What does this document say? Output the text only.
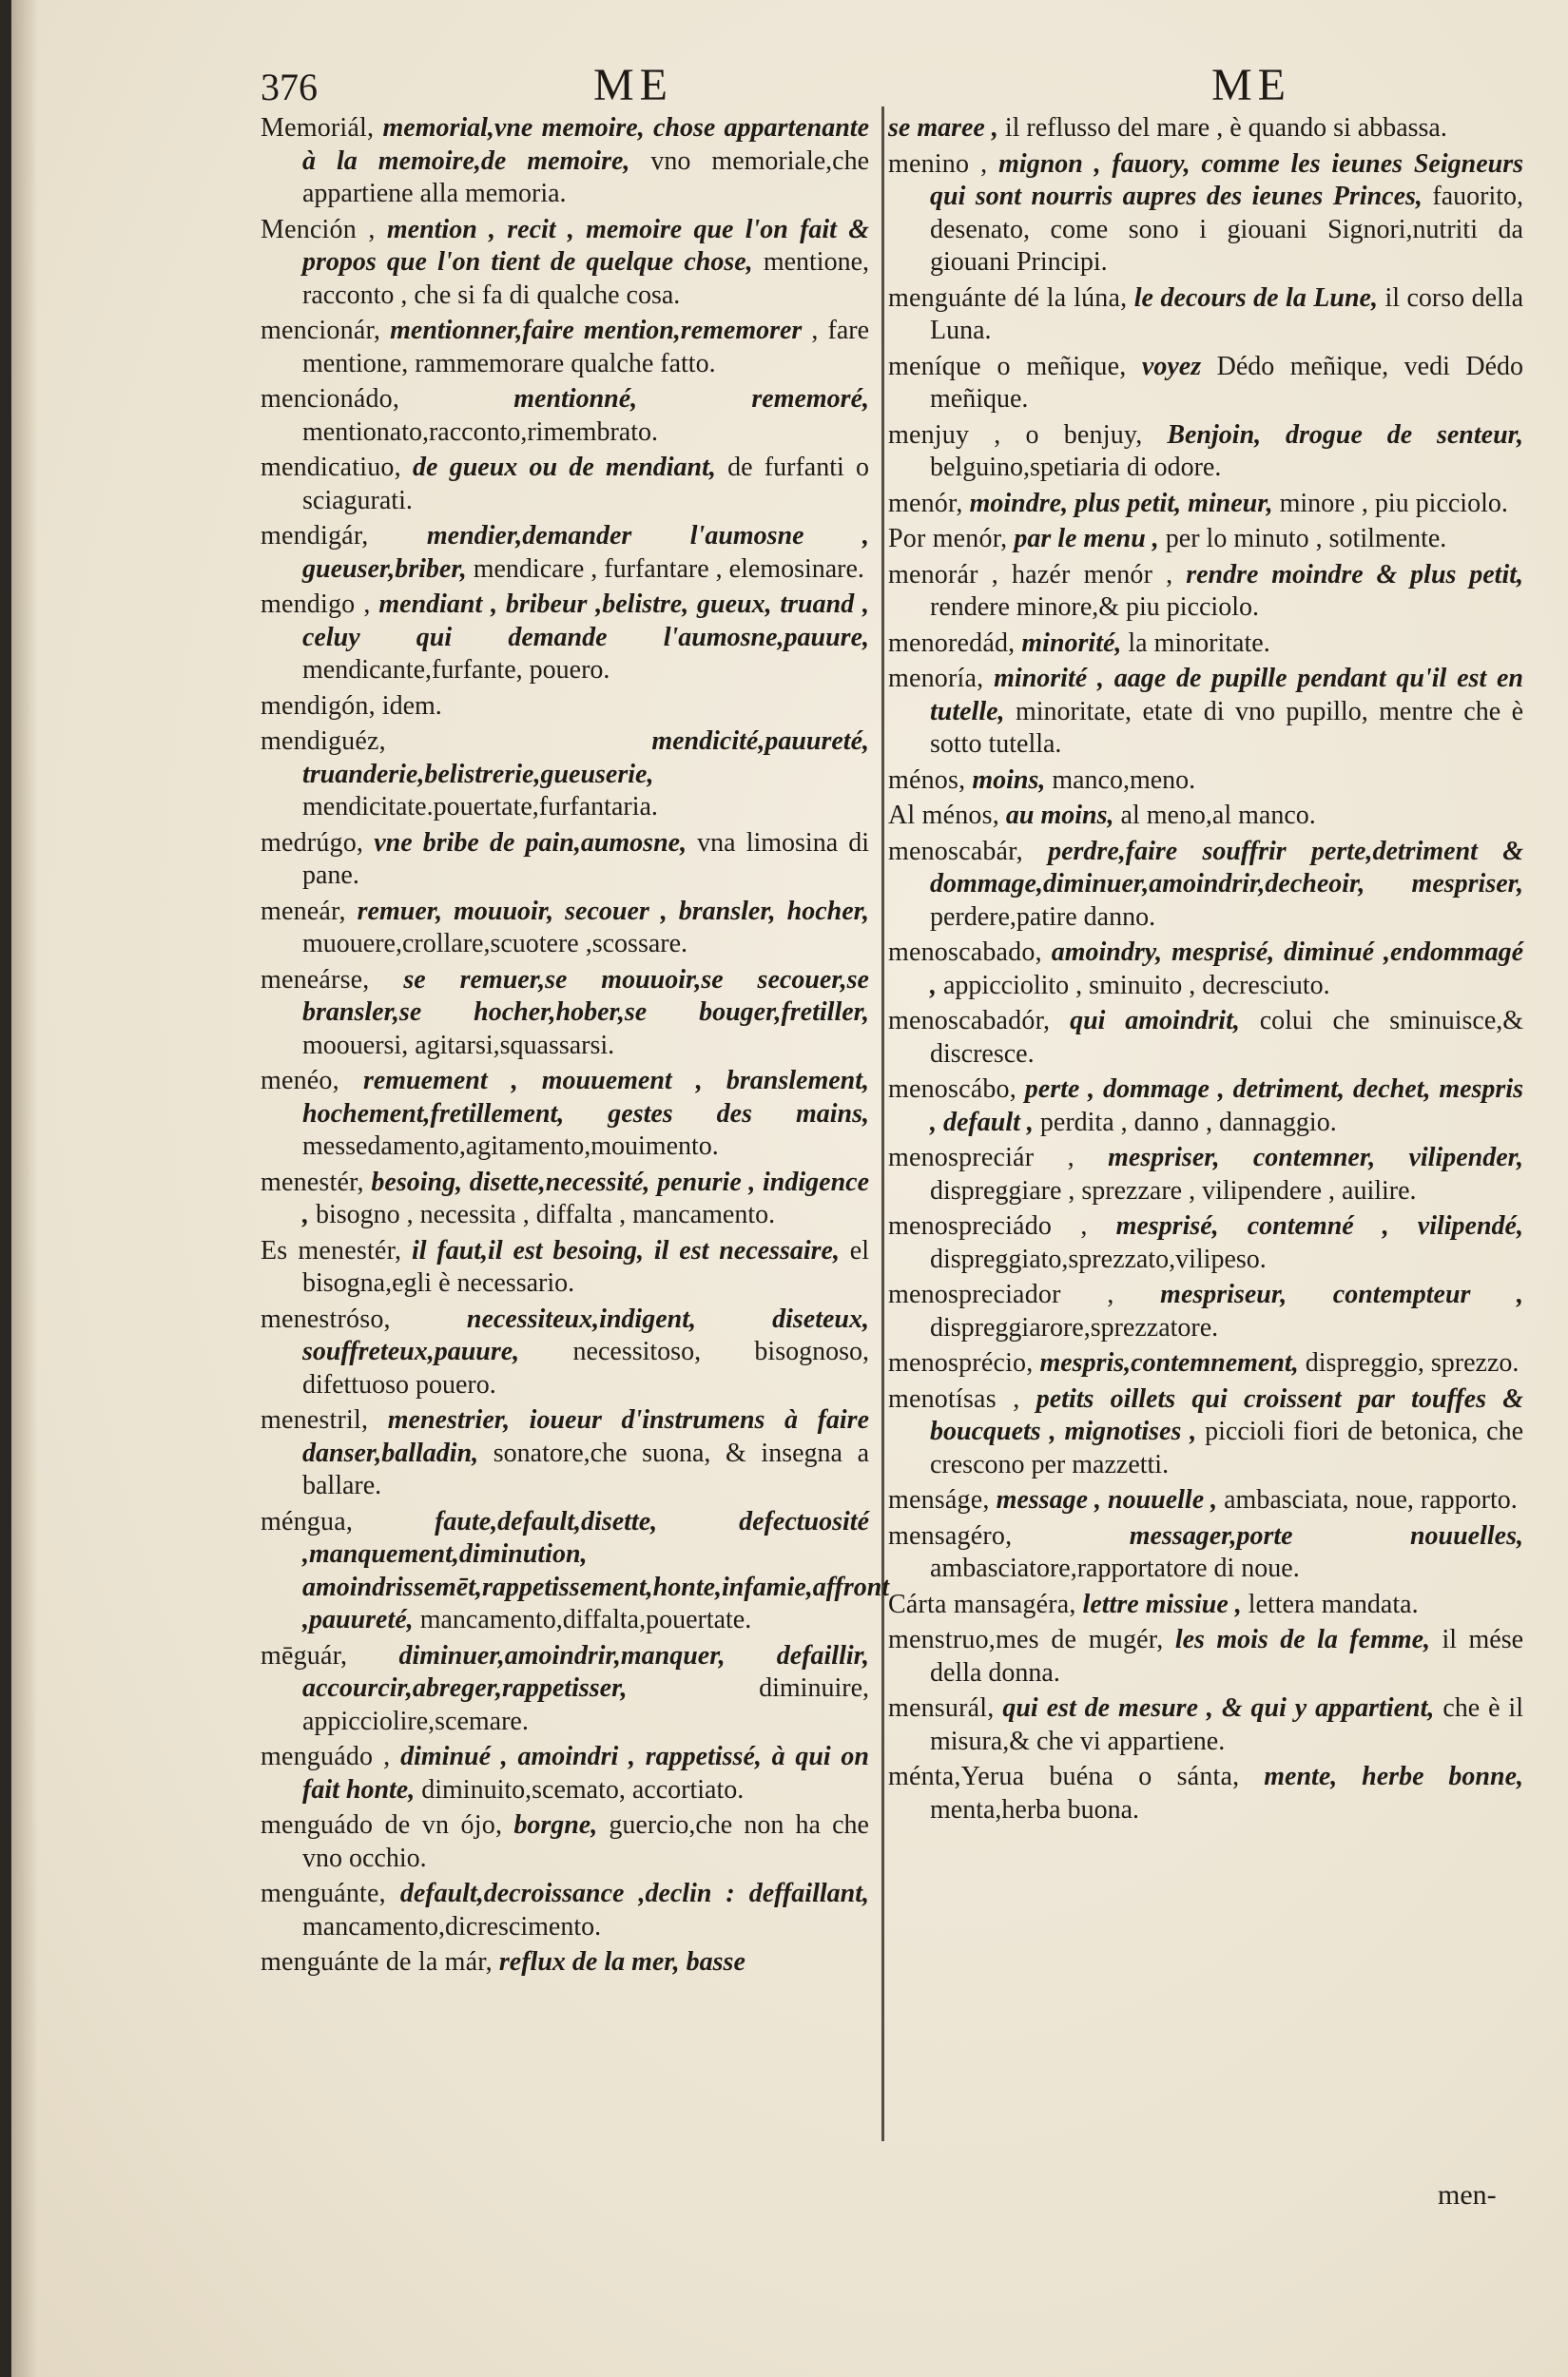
376	ME	ME

Memoriál, memorial,vne memoire, chose appartenante à la memoire,de memoire, vno memoriale,che appartiene alla memoria.

Mención , mention , recit , memoire que l'on fait & propos que l'on tient de quelque chose, mentione, racconto , che si fa di qualche cosa.

mencionár, mentionner,faire mention,rememorer , fare mentione, rammemorare qualche fatto.

mencionádo,	mentionné, rememoré, mentionato,racconto,rimembrato.

mendicatiuo, de gueux ou de mendiant, de furfanti o sciagurati.

mendigár, mendier,demander l'aumosne , gueuser,briber, mendicare , furfantare , elemosinare.

mendigo , mendiant , bribeur ,belistre, gueux, truand , celuy qui demande l'aumosne,pauure, mendicante,furfante, pouero.

mendigón, idem.

mendiguéz,	mendicité,pauureté, truanderie,belistrerie,gueuserie, mendicitate.pouertate,furfantaria.

medrúgo, vne bribe de pain,aumosne, vna limosina di pane.

meneár, remuer, mouuoir, secouer , bransler, hocher, muouere,crollare,scuotere ,scossare.

meneárse, se remuer,se mouuoir,se secouer,se bransler,se hocher,hober,se bouger,fretiller, moouersi, agitarsi,squassarsi.

menéo, remuement , mouuement , branslement, hochement,fretillement, gestes des mains, messedamento,agitamento,mouimento.

menestér, besoing, disette,necessité, penurie , indigence , bisogno , necessita , diffalta , mancamento.

Es menestér, il faut,il est besoing, il est necessaire, el bisogna,egli è necessario.

menestróso,	necessiteux,indigent, diseteux, souffreteux,pauure, necessitoso, bisognoso, difettuoso pouero.

menestril, menestrier, ioueur d'instrumens à faire danser,balladin, sonatore,che suona, & insegna a ballare.

méngua,	faute,default,disette, defectuosité ,manquement,diminution, amoindrissemēt,rappetissement,honte,infamie,affront ,pauureté, mancamento,diffalta,pouertate.

mēguár, diminuer,amoindrir,manquer, defaillir, accourcir,abreger,rappetisser,	diminuire, appicciolire,scemare.

menguádo , diminué , amoindri , rappetissé, à qui on fait honte, diminuito,scemato, accortiato.

menguádo de vn ójo, borgne, guercio,che non ha che vno occhio.

menguánte, default,decroissance ,declin : deffaillant, mancamento,dicrescimento.

menguánte de la már, reflux de la mer, basse

se maree , il reflusso del mare , è quando si abbassa.

menino , mignon , fauory, comme les ieunes Seigneurs qui sont nourris aupres des ieunes Princes, fauorito, desenato, come sono i giouani Signori,nutriti da giouani Principi.

menguánte dé la lúna, le decours de la Lune, il corso della Luna.

meníque o meñique, voyez Dédo meñique, vedi Dédo meñique.

menjuy , o benjuy, Benjoin, drogue de senteur, belguino,spetiaria di odore.

menór, moindre, plus petit, mineur, minore , piu picciolo.

Por menór, par le menu , per lo minuto , sotilmente.

menorár , hazér menór , rendre moindre & plus petit, rendere minore,& piu picciolo.

menoredád, minorité, la minoritate.

menoría, minorité , aage de pupille pendant qu'il est en tutelle, minoritate, etate di vno pupillo, mentre che è sotto tutella.

ménos, moins, manco,meno.

Al ménos, au moins, al meno,al manco.

menoscabár, perdre,faire souffrir perte,detriment & dommage,diminuer,amoindrir,decheoir, mespriser, perdere,patire danno.

menoscabado, amoindry, mesprisé, diminué ,endommagé , appicciolito , sminuito , decresciuto.

menoscabadór, qui amoindrit, colui che sminuisce,& discresce.

menoscábo, perte , dommage , detriment, dechet, mespris , default , perdita , danno , dannaggio.

menospreciár , mespriser, contemner, vilipender, dispreggiare , sprezzare , vilipendere , auilire.

menospreciádo , mesprisé, contemné , vilipendé, dispreggiato,sprezzato,vilipeso.

menospreciador , mespriseur, contempteur , dispreggiarore,sprezzatore.

menosprécio, mespris,contemnement, dispreggio, sprezzo.

menotísas , petits oillets qui croissent par touffes & boucquets , mignotises , piccioli fiori de betonica, che crescono per mazzetti.

menságe, message , nouuelle , ambasciata, noue, rapporto.

mensagéro,	messager,porte nouuelles, ambasciatore,rapportatore di noue.

Cárta mansagéra, lettre missiue , lettera mandata.

menstruo,mes de mugér, les mois de la femme, il mése della donna.

mensurál, qui est de mesure , & qui y appartient, che è il misura,& che vi appartiene.

ménta,Yerua buéna o sánta, mente, herbe bonne, menta,herba buona.

men-
